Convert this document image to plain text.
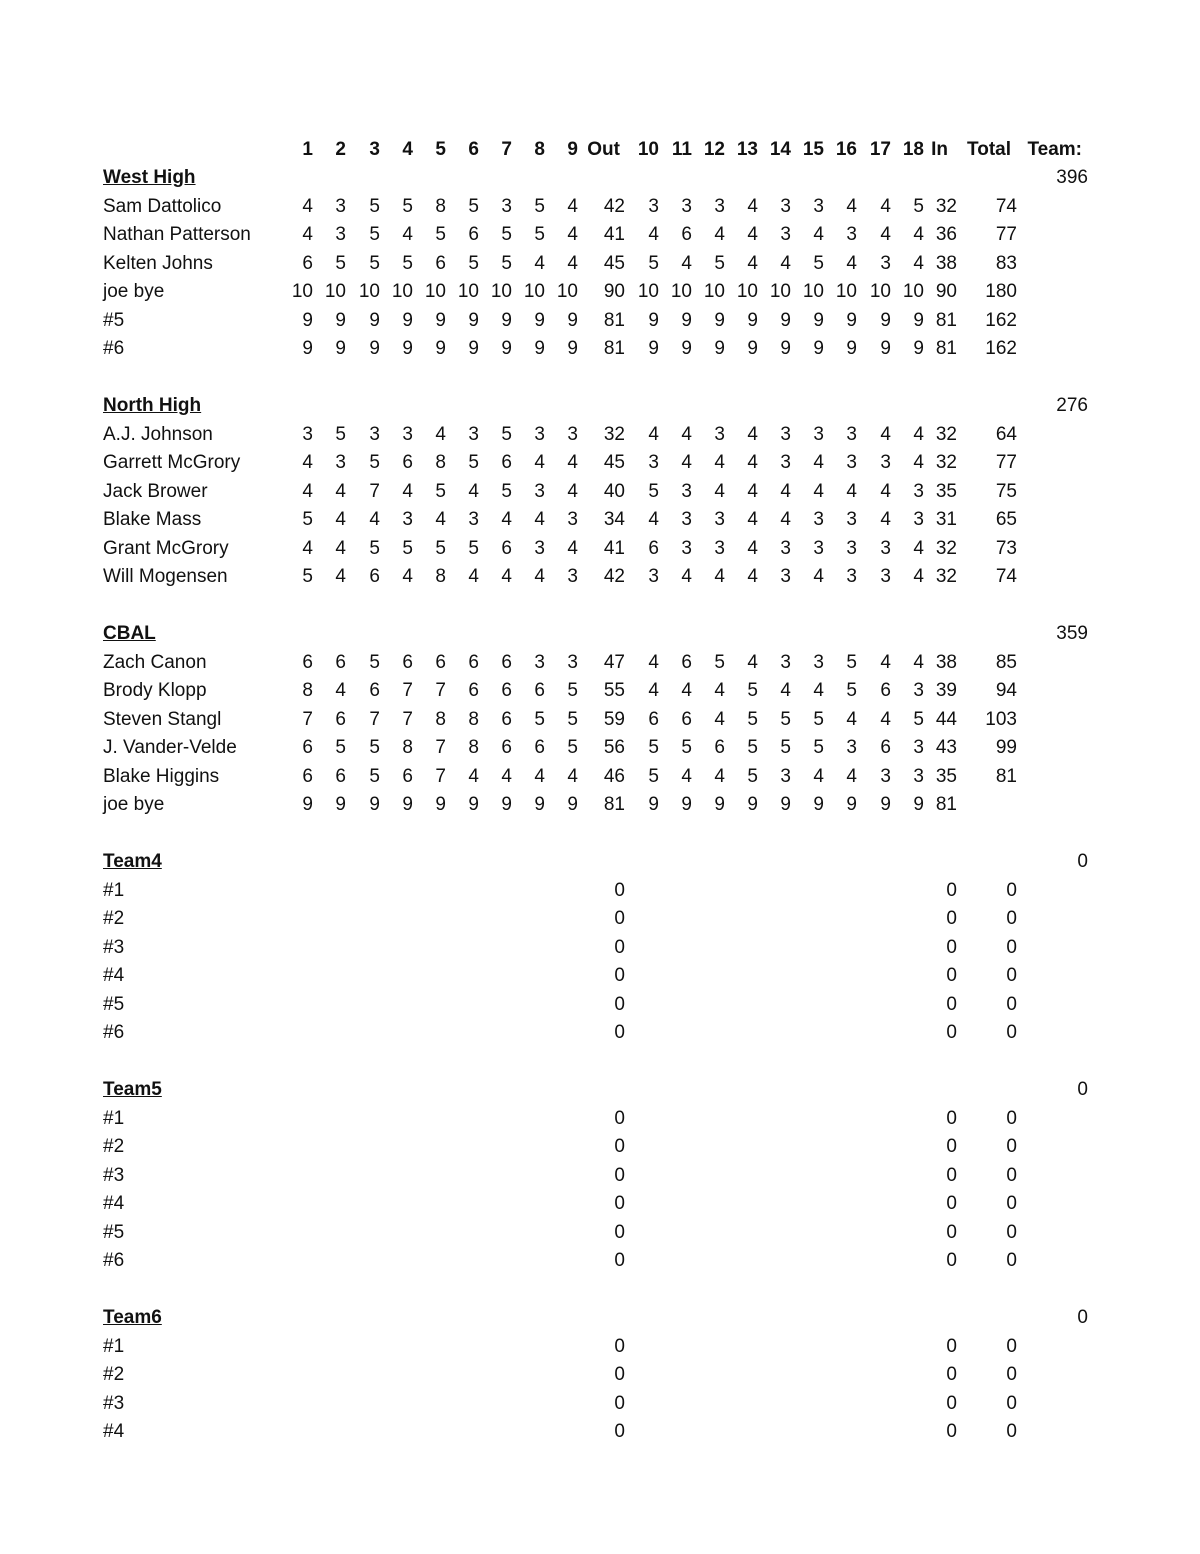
1 2 3 4 5 6 7 8 9 Out 10 11 12 13 14 15 16 17 18 In Total Team:
West High	396
Sam Dattolico	4 3 5 5 8 5 3 5 4 42 3 3 3 4 3 3 4 4 5 32 74
Nathan Patterson	4 3 5 4 5 6 5 5 4 41 4 6 4 4 3 4 3 4 4 36 77
Kelten Johns	6 5 5 5 6 5 5 4 4 45 5 4 5 4 4 5 4 3 4 38 83
joe bye	10 10 10 10 10 10 10 10 10 90 10 10 10 10 10 10 10 10 10 90 180
#5	9 9 9 9 9 9 9 9 9 81 9 9 9 9 9 9 9 9 9 81 162
#6	9 9 9 9 9 9 9 9 9 81 9 9 9 9 9 9 9 9 9 81 162
North High	276
A.J. Johnson	3 5 3 3 4 3 5 3 3 32 4 4 3 4 3 3 3 4 4 32 64
Garrett McGrory	4 3 5 6 8 5 6 4 4 45 3 4 4 4 3 4 3 3 4 32 77
Jack Brower	4 4 7 4 5 4 5 3 4 40 5 3 4 4 4 4 4 4 3 35 75
Blake Mass	5 4 4 3 4 3 4 4 3 34 4 3 3 4 4 3 3 4 3 31 65
Grant McGrory	4 4 5 5 5 5 6 3 4 41 6 3 3 4 3 3 3 3 4 32 73
Will Mogensen	5 4 6 4 8 4 4 4 3 42 3 4 4 4 3 4 3 3 4 32 74
CBAL	359
Zach Canon	6 6 5 6 6 6 6 3 3 47 4 6 5 4 3 3 5 4 4 38 85
Brody Klopp	8 4 6 7 7 6 6 6 5 55 4 4 4 5 4 4 5 6 3 39 94
Steven Stangl	7 6 7 7 8 8 6 5 5 59 6 6 4 5 5 5 4 4 5 44 103
J. Vander-Velde	6 5 5 8 7 8 6 6 5 56 5 5 6 5 5 5 3 6 3 43 99
Blake Higgins	6 6 5 6 7 4 4 4 4 46 5 4 4 5 3 4 4 3 3 35 81
joe bye	9 9 9 9 9 9 9 9 9 81 9 9 9 9 9 9 9 9 9 81
Team4	0
#1	0	0	0
#2	0	0	0
#3	0	0	0
#4	0	0	0
#5	0	0	0
#6	0	0	0
Team5	0
#1	0	0	0
#2	0	0	0
#3	0	0	0
#4	0	0	0
#5	0	0	0
#6	0	0	0
Team6	0
#1	0	0	0
#2	0	0	0
#3	0	0	0
#4	0	0	0
